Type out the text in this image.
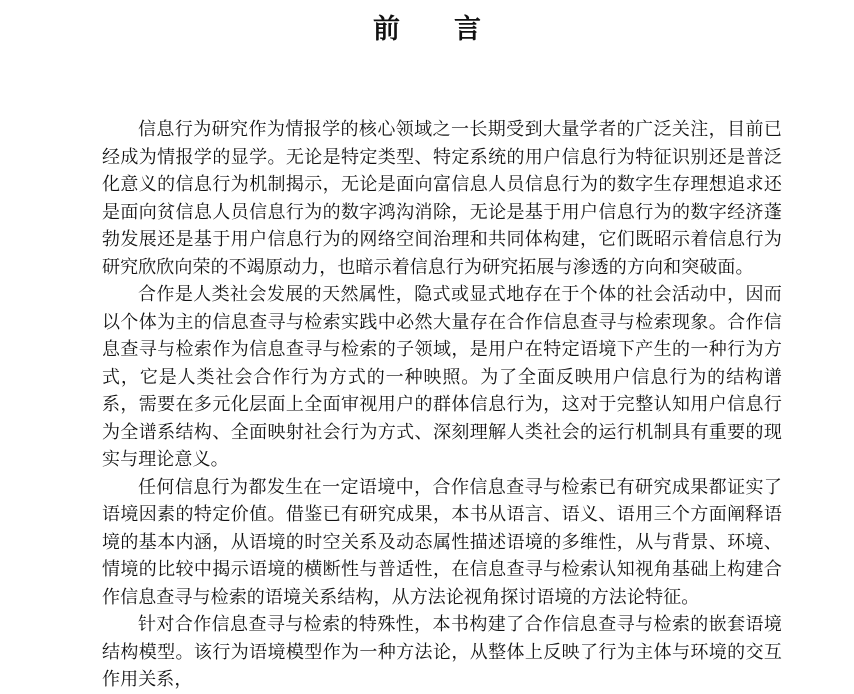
前　　言

信息行为研究作为情报学的核心领域之一长期受到大量学者的广泛关注，目前已经成为情报学的显学。无论是特定类型、特定系统的用户信息行为特征识别还是普泛化意义的信息行为机制揭示，无论是面向富信息人员信息行为的数字生存理想追求还是面向贫信息人员信息行为的数字鸿沟消除，无论是基于用户信息行为的数字经济蓬勃发展还是基于用户信息行为的网络空间治理和共同体构建，它们既昭示着信息行为研究欣欣向荣的不竭原动力，也暗示着信息行为研究拓展与渗透的方向和突破面。

合作是人类社会发展的天然属性，隐式或显式地存在于个体的社会活动中，因而以个体为主的信息查寻与检索实践中必然大量存在合作信息查寻与检索现象。合作信息查寻与检索作为信息查寻与检索的子领域，是用户在特定语境下产生的一种行为方式，它是人类社会合作行为方式的一种映照。为了全面反映用户信息行为的结构谱系，需要在多元化层面上全面审视用户的群体信息行为，这对于完整认知用户信息行为全谱系结构、全面映射社会行为方式、深刻理解人类社会的运行机制具有重要的现实与理论意义。

任何信息行为都发生在一定语境中，合作信息查寻与检索已有研究成果都证实了语境因素的特定价值。借鉴已有研究成果，本书从语言、语义、语用三个方面阐释语境的基本内涵，从语境的时空关系及动态属性描述语境的多维性，从与背景、环境、情境的比较中揭示语境的横断性与普适性，在信息查寻与检索认知视角基础上构建合作信息查寻与检索的语境关系结构，从方法论视角探讨语境的方法论特征。

针对合作信息查寻与检索的特殊性，本书构建了合作信息查寻与检索的嵌套语境结构模型。该行为语境模型作为一种方法论，从整体上反映了行为主体与环境的交互作用关系，
